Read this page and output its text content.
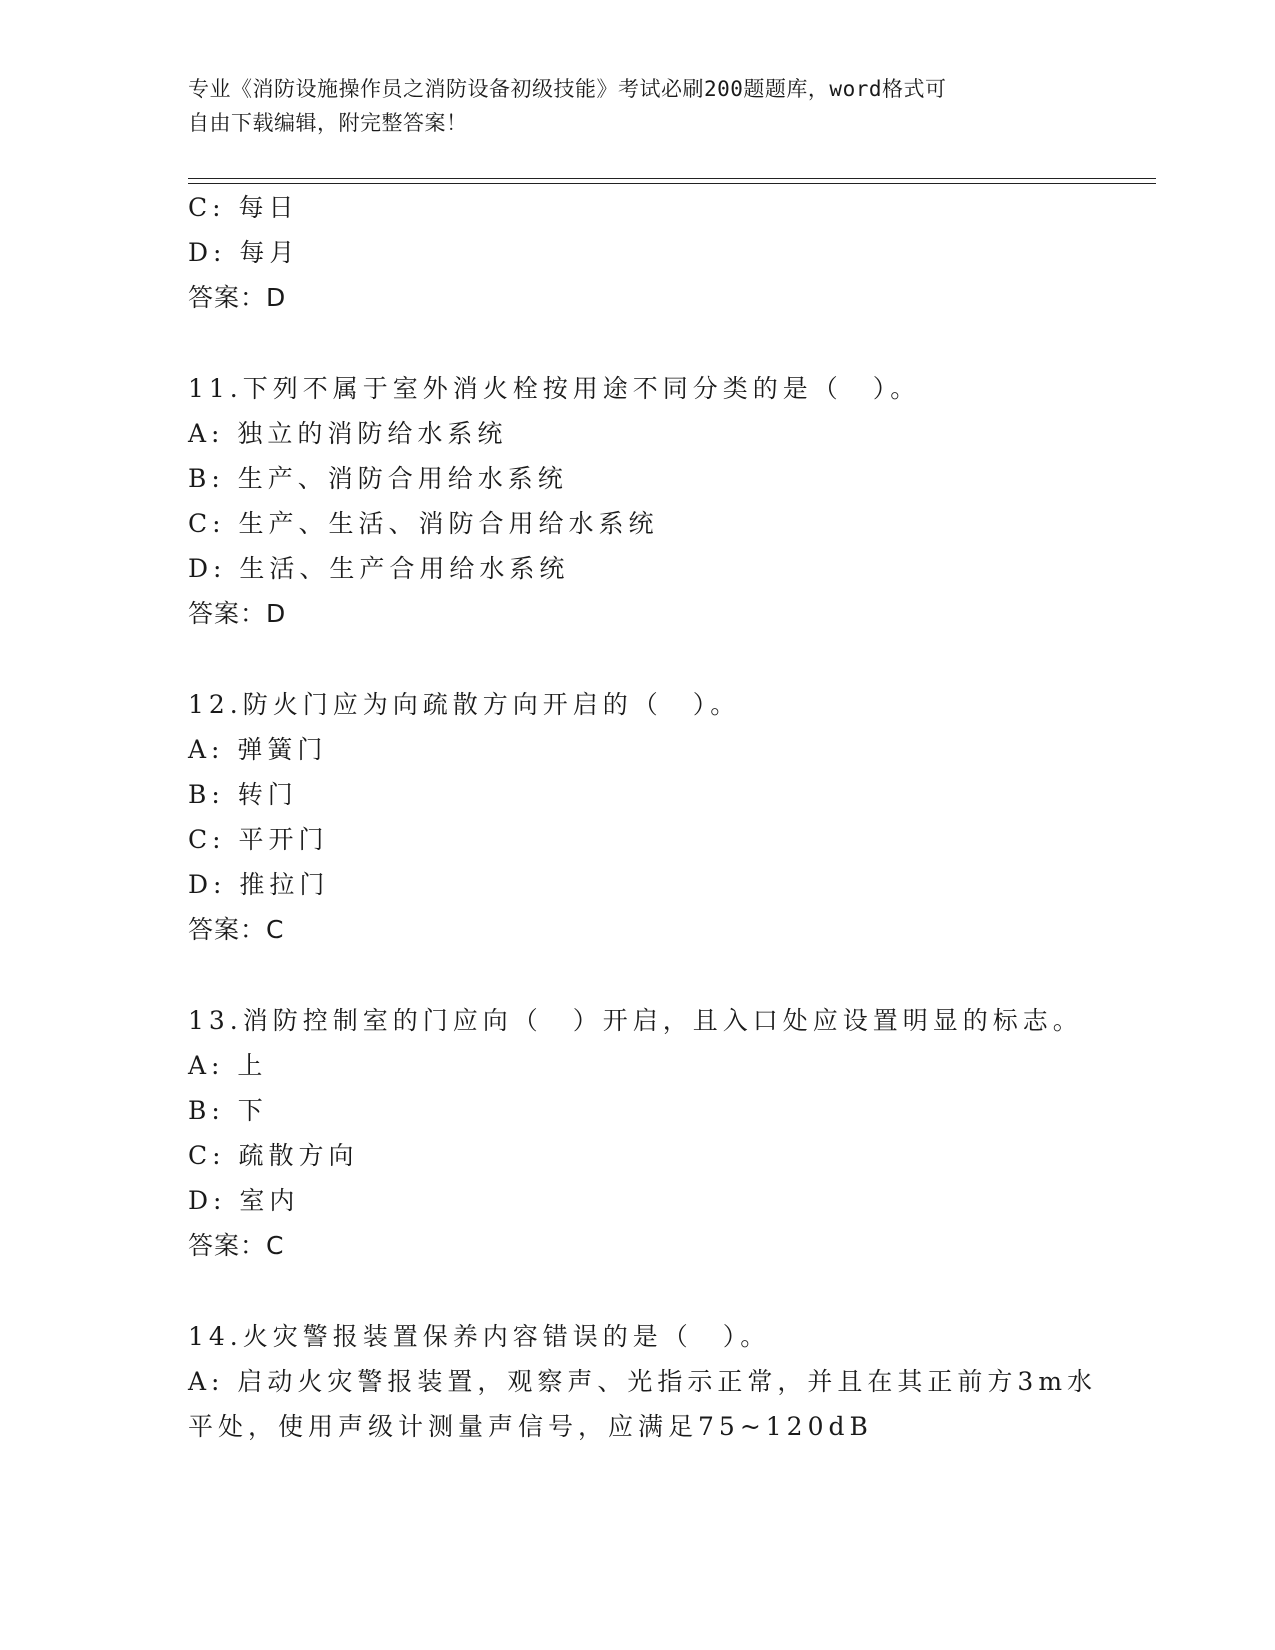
专业《消防设施操作员之消防设备初级技能》考试必刷200题题库，word格式可
自由下载编辑，附完整答案！
C: 每日
D: 每月
答案：D
11.下列不属于室外消火栓按用途不同分类的是（　）。
A: 独立的消防给水系统
B: 生产、消防合用给水系统
C: 生产、生活、消防合用给水系统
D: 生活、生产合用给水系统
答案：D
12.防火门应为向疏散方向开启的（　）。
A: 弹簧门
B: 转门
C: 平开门
D: 推拉门
答案：C
13.消防控制室的门应向（　）开启，且入口处应设置明显的标志。
A: 上
B: 下
C: 疏散方向
D: 室内
答案：C
14.火灾警报装置保养内容错误的是（　）。
A: 启动火灾警报装置，观察声、光指示正常，并且在其正前方3m水
平处，使用声级计测量声信号，应满足75~120dB
